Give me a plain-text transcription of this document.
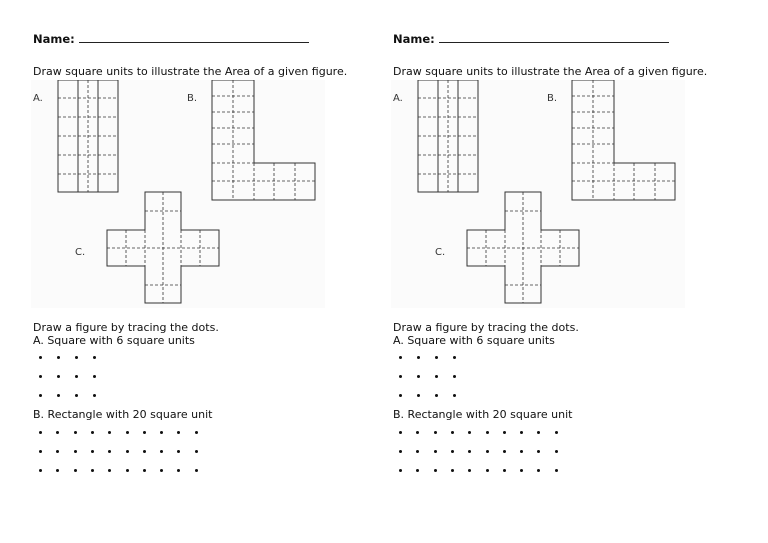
Name:
Draw square units to illustrate the Area of a given figure.
A.	B.
C.
Draw a figure by tracing the dots.
A. Square with 6 square units
B. Rectangle with 20 square unit
Name:
Draw square units to illustrate the Area of a given figure.
A.	B.
C.
Draw a figure by tracing the dots.
A. Square with 6 square units
B. Rectangle with 20 square unit
